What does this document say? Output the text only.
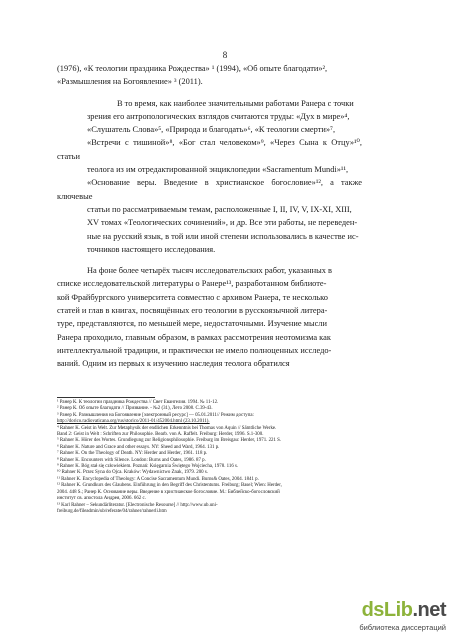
8

(1976), «К теологии праздника Рождества» ¹ (1994), «Об опыте благодати»²,
«Размышления на Богоявление» ³ (2011).

В то время, как наиболее значительными работами Ранера с точки
зрения его антропологических взглядов считаются труды: «Дух в мире»⁴,
«Слушатель Слова»⁵, «Природа и благодать»⁶, «К теологии смерти»⁷,
«Встречи с тишиной»⁸, «Бог стал человеком»⁹, «Через Сына к Отцу»¹⁰, статьи
теолога из им отредактированной энциклопедии «Sacramentum Mundi»¹¹,
«Основание веры. Введение в христианское богословие»¹², а также ключевые
статьи по рассматриваемым темам, расположенные I, II, IV, V, IX-XI, XIII,
XV томах «Теологических сочинений», и др. Все эти работы, не переведен-
ные на русский язык, в той или иной степени использовались в качестве ис-
точников настоящего исследования.

На фоне более четырёх тысяч исследовательских работ, указанных в
списке исследовательской литературы о Ранере¹³, разработанном библиоте-
кой Фрайбургского университета совместно с архивом Ранера, те несколько
статей и глав в книгах, посвящённых его теологии в русскоязычной литера-
туре, представляются, по меньшей мере, недостаточными. Изучение мысли
Ранера проходило, главным образом, в рамках рассмотрения неотомизма как
интеллектуальной традиции, и практически не имело полноценных исследо-
ваний. Одним из первых к изучению наследия теолога обратился

¹ Ранер К. К теологии праздника Рождества // Свет Евангелия. 1994. № 11-12.

² Ранер К. Об опыте благодати // Призвание. - №2 (31), Лето 2008. С.39-43.

³ Ранер К. Размышления на Богоявление [электронный ресурс] — 05.01.2011// Режим доступа:

http://dorico.radiovaticana.org/rus/storico/2011-01/452004.html (23.10.2011).

⁴ Rahner K. Geist in Welt. Zur Metaphysik der endlichen Erkenntnis bei Thomas von Aquin // Sämtliche Werke.

Band 2: Geist in Welt : Schriften zur Philosophie. Bearb. von A. Raffelt. Freiburg: Herder, 1996. S.1-300.

⁵ Rahner K. Hörer des Wortes. Grundlegung zur Religionsphilosophie. Freiburg im Breisgau: Herder, 1971. 221 S.

⁶ Rahner K. Nature and Grace and other essays. NY: Sheed and Ward, 1964. 131 p.

⁷ Rahner K. On the Theology of Death. NY: Herder and Herder, 1961. 118 p.

⁸ Rahner K. Encounters with Silence. London: Burns and Oates, 1986. 87 p.

⁹ Rahner K. Bóg stał się człowiekiem. Poznań: Księgarnia Świętego Wojciecha, 1978. 116 s.

¹⁰ Rahner K. Przez Syna do Ojca. Kraków: Wydawnictwo Znak, 1979. 200 s.

¹¹ Rahner K. Encyclopedia of Theology: A Concise Sacramentum Mundi. Burns& Oates, 2004. 1841 p.

¹² Rahner K. Grundkurs des Glaubens. Einführung in den Begriff des Christentums. Freiburg; Basel; Wien: Herder,

2004. 448 S.; Ранер К. Основание веры. Введение в христианское богословие. М.: Библейско-богословский

институт св. апостола Андрея, 2006. 662 c.

¹³ Karl Rahner – Sekundärliteratur. [Electronische Resourse] // http://www.ub.uni-

freiburg.de/fileadmin/ub/referate/04/rahner/rahnerli.htm

dsLib.net
библиотека диссертаций
